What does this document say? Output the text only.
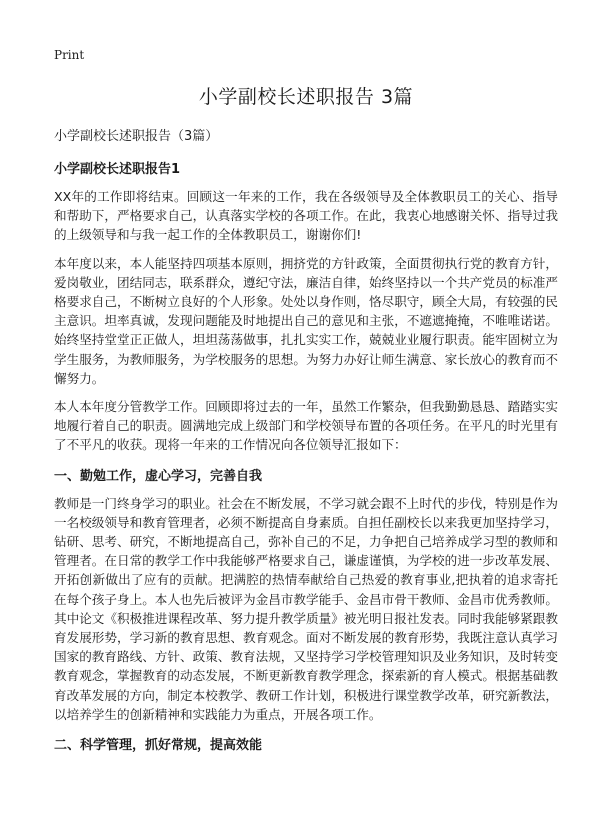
Print
小学副校长述职报告 3篇
小学副校长述职报告（3篇）
小学副校长述职报告1

XX年的工作即将结束。回顾这一年来的工作，我在各级领导及全体教职员工的关心、指导和帮助下，严格要求自己，认真落实学校的各项工作。在此，我衷心地感谢关怀、指导过我的上级领导和与我一起工作的全体教职员工，谢谢你们!

本年度以来，本人能坚持四项基本原则，拥挤党的方针政策，全面贯彻执行党的教育方针，爱岗敬业，团结同志，联系群众，遵纪守法，廉洁自律，始终坚持以一个共产党员的标准严格要求自己，不断树立良好的个人形象。处处以身作则，恪尽职守，顾全大局，有较强的民主意识。坦率真诚，发现问题能及时地提出自己的意见和主张，不遮遮掩掩，不唯唯诺诺。始终坚持堂堂正正做人，坦坦荡荡做事，扎扎实实工作，兢兢业业履行职责。能牢固树立为学生服务，为教师服务，为学校服务的思想。为努力办好让师生满意、家长放心的教育而不懈努力。

本人本年度分管教学工作。回顾即将过去的一年，虽然工作繁杂，但我勤勤恳恳、踏踏实实地履行着自己的职责。圆满地完成上级部门和学校领导布置的各项任务。在平凡的时光里有了不平凡的收获。现将一年来的工作情况向各位领导汇报如下：

一、勤勉工作，虚心学习，完善自我

教师是一门终身学习的职业。社会在不断发展，不学习就会跟不上时代的步伐，特别是作为一名校级领导和教育管理者，必须不断提高自身素质。自担任副校长以来我更加坚持学习，钻研、思考、研究，不断地提高自己，弥补自己的不足，力争把自己培养成学习型的教师和管理者。在日常的教学工作中我能够严格要求自己，谦虚谨慎，为学校的进一步改革发展、开拓创新做出了应有的贡献。把满腔的热情奉献给自己热爱的教育事业,把执着的追求寄托在每个孩子身上。本人也先后被评为金昌市教学能手、金昌市骨干教师、金昌市优秀教师。其中论文《积极推进课程改革、努力提升教学质量》被光明日报社发表。同时我能够紧跟教育发展形势，学习新的教育思想、教育观念。面对不断发展的教育形势，我既注意认真学习国家的教育路线、方针、政策、教育法规，又坚持学习学校管理知识及业务知识，及时转变教育观念，掌握教育的动态发展，不断更新教育教学理念，探索新的育人模式。根据基础教育改革发展的方向，制定本校教学、教研工作计划，积极进行课堂教学改革，研究新教法，以培养学生的创新精神和实践能力为重点，开展各项工作。

二、科学管理，抓好常规，提高效能
